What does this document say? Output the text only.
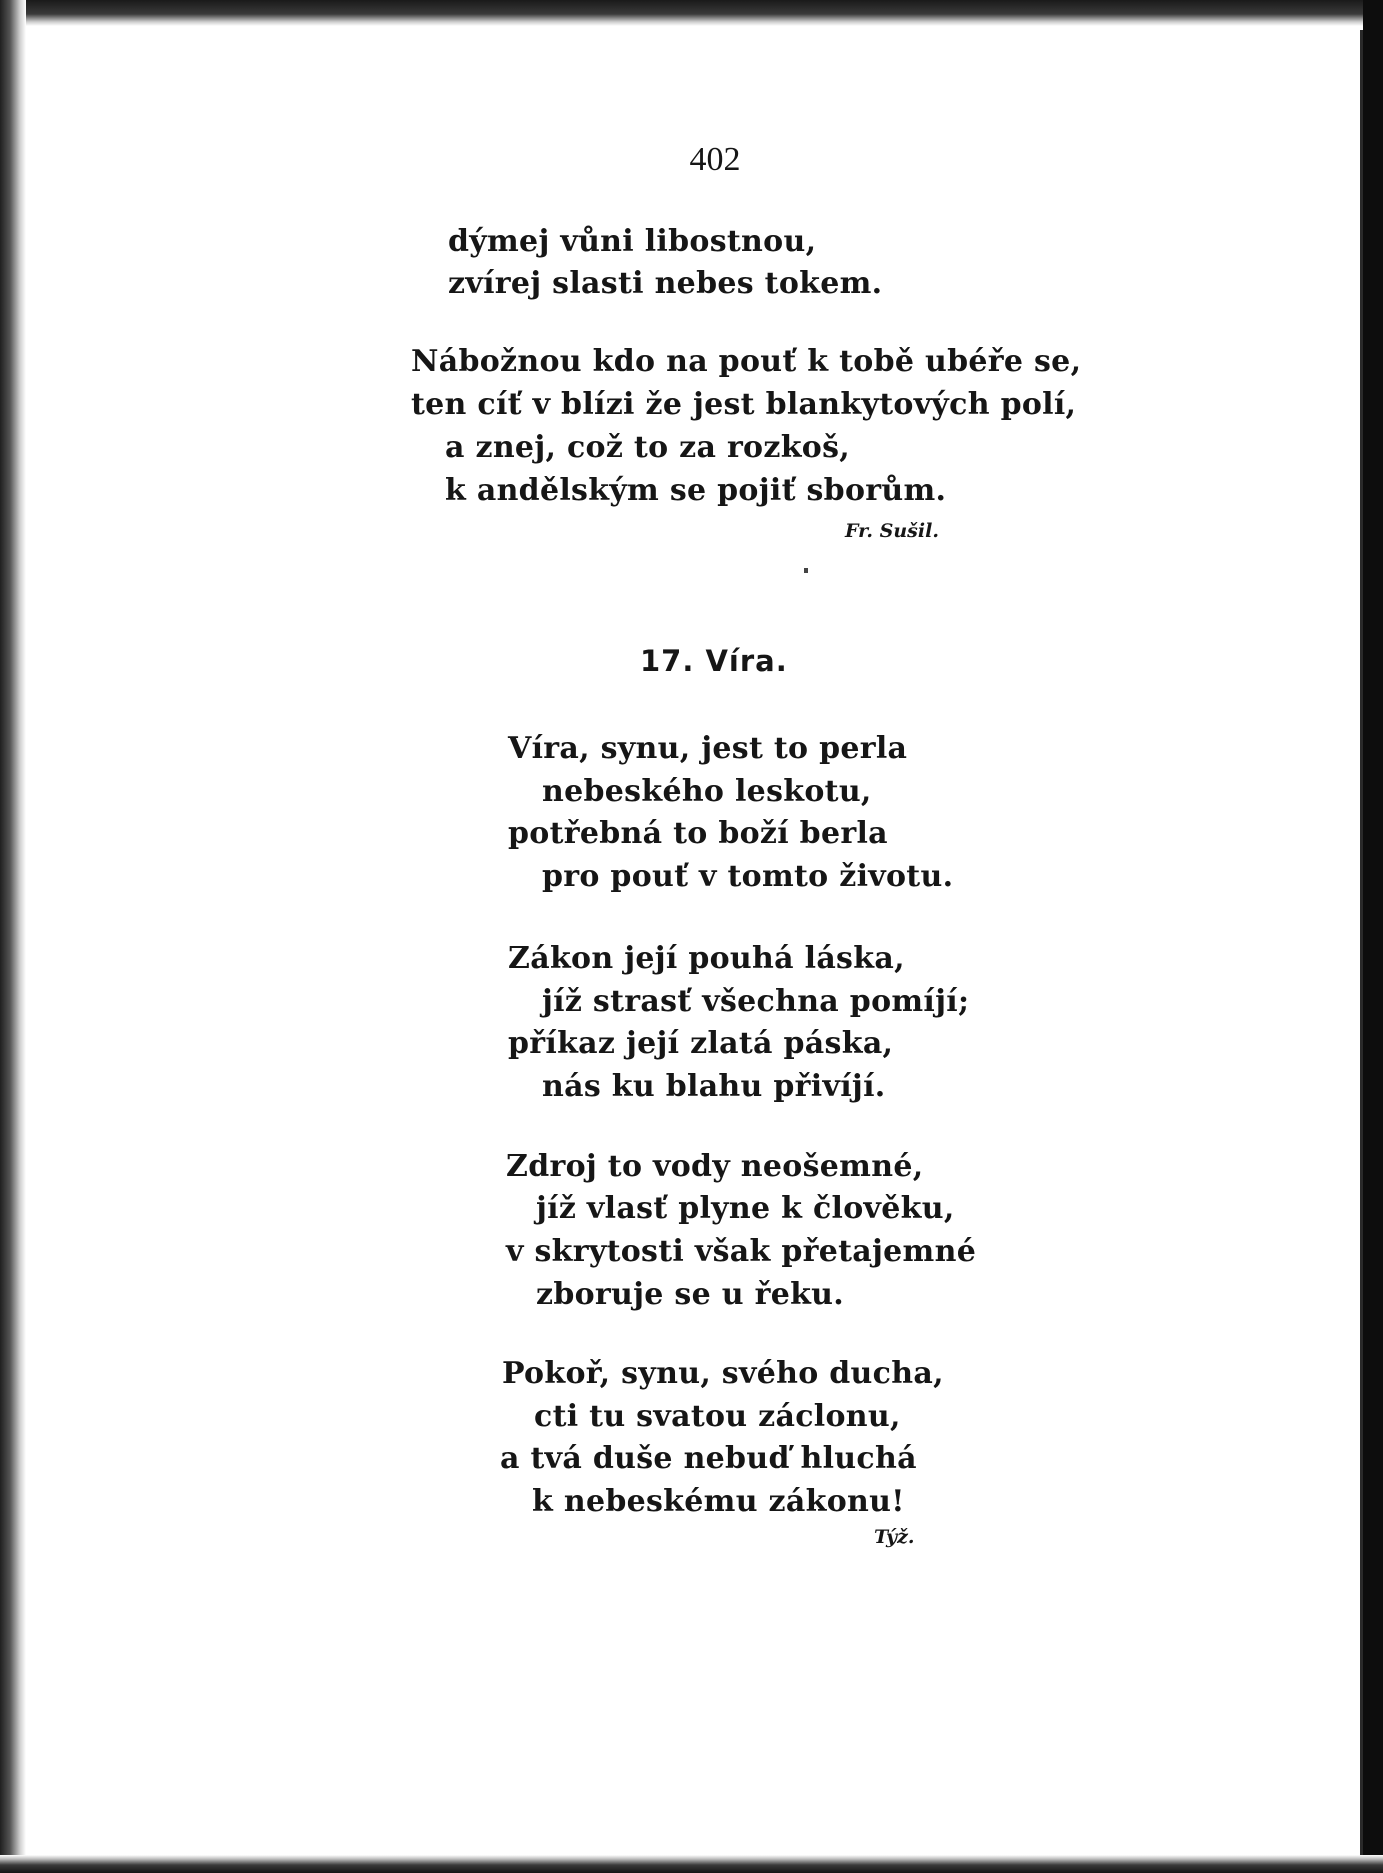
402
dýmej vůni libostnou,
zvírej slasti nebes tokem.
Nábožnou kdo na pouť k tobě ubéře se,
ten cíť v blízi že jest blankytových polí,
a znej, což to za rozkoš,
k andělským se pojiť sborům.
Fr. Sušil.
17. Víra.
Víra, synu, jest to perla
nebeského leskotu,
potřebná to boží berla
pro pouť v tomto životu.
Zákon její pouhá láska,
jíž strasť všechna pomíjí;
příkaz její zlatá páska,
nás ku blahu přivíjí.
Zdroj to vody neošemné,
jíž vlasť plyne k člověku,
v skrytosti však přetajemné
zboruje se u řeku.
Pokoř, synu, svého ducha,
cti tu svatou záclonu,
a tvá duše nebuď hluchá
k nebeskému zákonu!
Týž.
